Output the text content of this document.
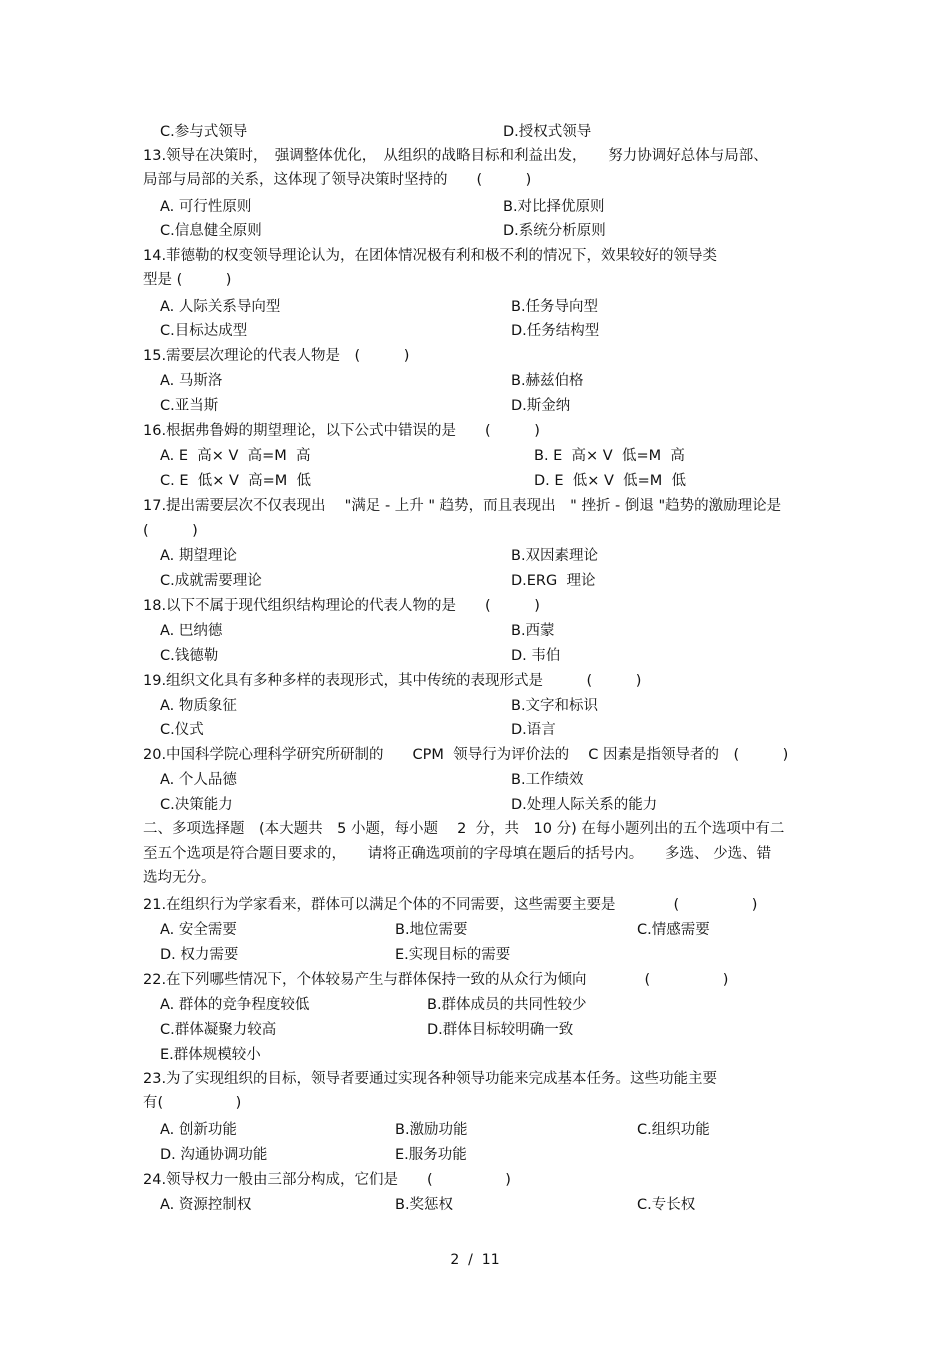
C.参与式领导	D.授权式领导
13.领导在决策时，　强调整体优化，　从组织的战略目标和利益出发，　　努力协调好总体与局部、
局部与局部的关系，这体现了领导决策时坚持的　　(　　　)
A. 可行性原则	B.对比择优原则
C.信息健全原则	D.系统分析原则
14.菲德勒的权变领导理论认为，在团体情况极有利和极不利的情况下，效果较好的领导类
型是 (　　　)
A. 人际关系导向型	B.任务导向型
C.目标达成型	D.任务结构型
15.需要层次理论的代表人物是　(　　　)
A. 马斯洛	B.赫兹伯格
C.亚当斯	D.斯金纳
16.根据弗鲁姆的期望理论，以下公式中错误的是　　(　　　)
A. E  高× V  高=M  高	B. E  高× V  低=M  高
C. E  低× V  高=M  低	D. E  低× V  低=M  低
17.提出需要层次不仅表现出　 "满足 - 上升 " 趋势，而且表现出　" 挫折 - 倒退 "趋势的激励理论是
(　　　)
A. 期望理论	B.双因素理论
C.成就需要理论	D.ERG  理论
18.以下不属于现代组织结构理论的代表人物的是　　(　　　)
A. 巴纳德	B.西蒙
C.钱德勒	D. 韦伯
19.组织文化具有多种多样的表现形式，其中传统的表现形式是　　　(　　　)
A. 物质象征	B.文字和标识
C.仪式	D.语言
20.中国科学院心理科学研究所研制的　　CPM  领导行为评价法的　 C 因素是指领导者的　(　　　)
A. 个人品德	B.工作绩效
C.决策能力	D.处理人际关系的能力
二、多项选择题　(本大题共　5 小题，每小题　 2  分，共　10 分) 在每小题列出的五个选项中有二
至五个选项是符合题目要求的，　　请将正确选项前的字母填在题后的括号内。　　多选、 少选、错
选均无分。
21.在组织行为学家看来，群体可以满足个体的不同需要，这些需要主要是　　　　(　　　　　)
A. 安全需要	B.地位需要	C.情感需要
D. 权力需要	E.实现目标的需要
22.在下列哪些情况下，个体较易产生与群体保持一致的从众行为倾向　　　　(　　　　　)
A. 群体的竞争程度较低	B.群体成员的共同性较少
C.群体凝聚力较高	D.群体目标较明确一致
E.群体规模较小
23.为了实现组织的目标，领导者要通过实现各种领导功能来完成基本任务。这些功能主要
有(　　　　　)
A. 创新功能	B.激励功能	C.组织功能
D. 沟通协调功能	E.服务功能
24.领导权力一般由三部分构成，它们是　　(　　　　　)
A. 资源控制权	B.奖惩权	C.专长权
2  /  11
